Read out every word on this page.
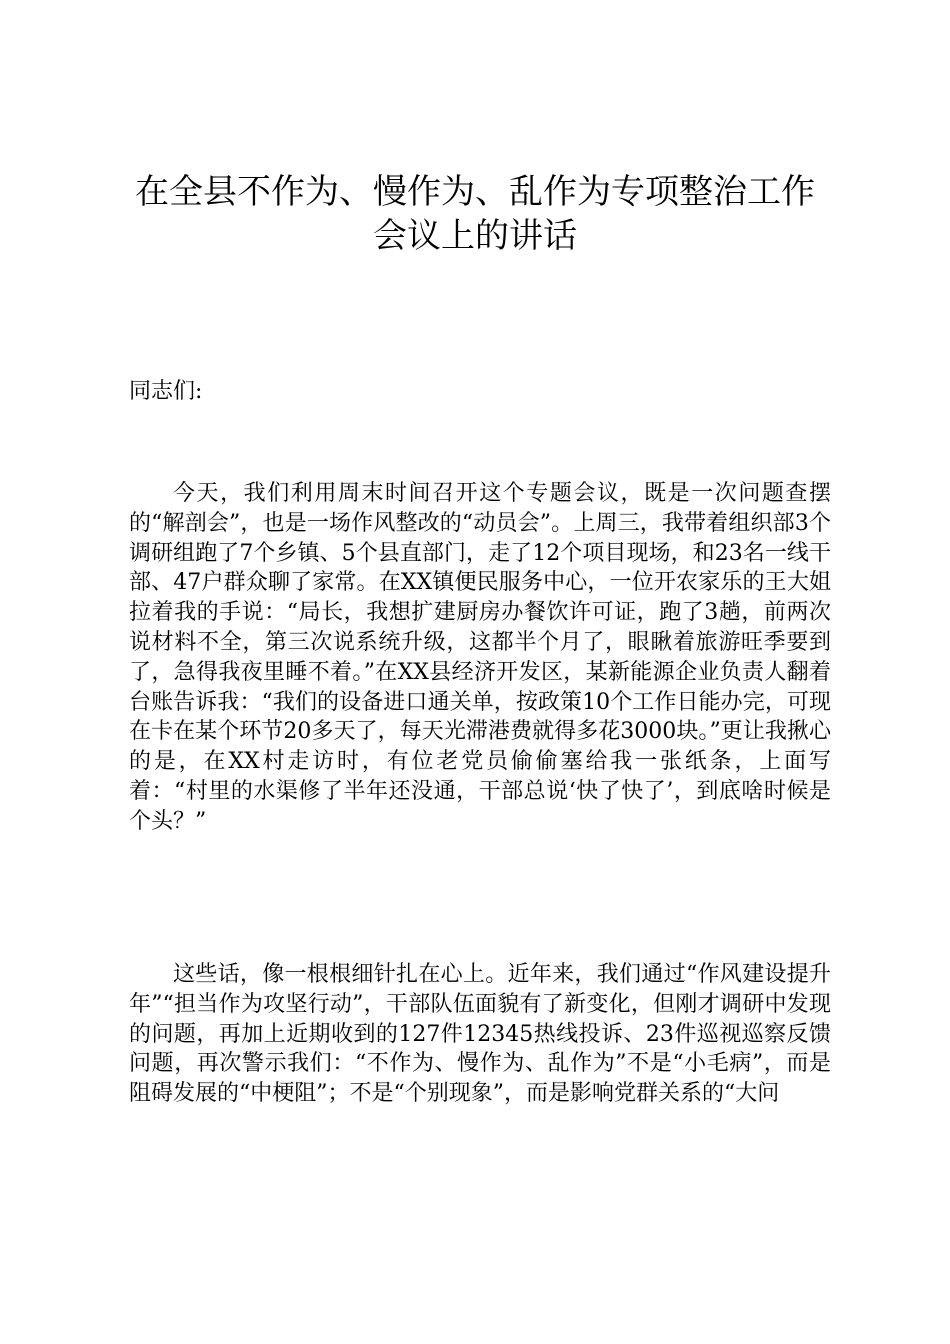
在全县不作为、慢作为、乱作为专项整治工作
会议上的讲话

同志们:

今天，我们利用周末时间召开这个专题会议，既是一次问题查摆的“解剖会”，也是一场作风整改的“动员会”。上周三，我带着组织部3个调研组跑了7个乡镇、5个县直部门，走了12个项目现场，和23名一线干部、47户群众聊了家常。在XX镇便民服务中心，一位开农家乐的王大姐拉着我的手说：“局长，我想扩建厨房办餐饮许可证，跑了3趟，前两次说材料不全，第三次说系统升级，这都半个月了，眼瞅着旅游旺季要到了，急得我夜里睡不着。”在XX县经济开发区，某新能源企业负责人翻着台账告诉我：“我们的设备进口通关单，按政策10个工作日能办完，可现在卡在某个环节20多天了，每天光滞港费就得多花3000块。”更让我揪心的是，在XX村走访时，有位老党员偷偷塞给我一张纸条，上面写着：“村里的水渠修了半年还没通，干部总说‘快了快了’，到底啥时候是个头？”

这些话，像一根根细针扎在心上。近年来，我们通过“作风建设提升年”“担当作为攻坚行动”，干部队伍面貌有了新变化，但刚才调研中发现的问题，再加上近期收到的127件12345热线投诉、23件巡视巡察反馈问题，再次警示我们：“不作为、慢作为、乱作为”不是“小毛病”，而是阻碍发展的“中梗阻”；不是“个别现象”，而是影响党群关系的“大问
